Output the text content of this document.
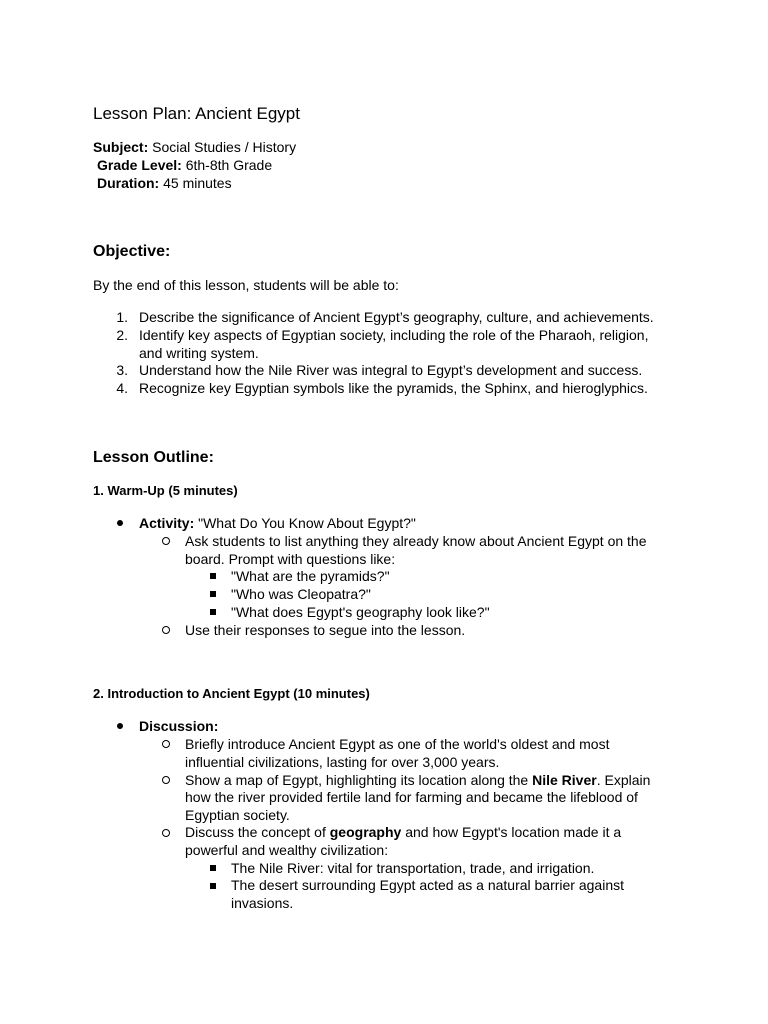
Lesson Plan: Ancient Egypt
Subject: Social Studies / History
Grade Level: 6th-8th Grade
Duration: 45 minutes
Objective:
By the end of this lesson, students will be able to:
1. Describe the significance of Ancient Egypt’s geography, culture, and achievements.
2. Identify key aspects of Egyptian society, including the role of the Pharaoh, religion,
and writing system.
3. Understand how the Nile River was integral to Egypt’s development and success.
4. Recognize key Egyptian symbols like the pyramids, the Sphinx, and hieroglyphics.
Lesson Outline:
1. Warm-Up (5 minutes)
Activity: "What Do You Know About Egypt?"
Ask students to list anything they already know about Ancient Egypt on the
board. Prompt with questions like:
"What are the pyramids?"
"Who was Cleopatra?"
"What does Egypt's geography look like?"
Use their responses to segue into the lesson.
2. Introduction to Ancient Egypt (10 minutes)
Discussion:
Briefly introduce Ancient Egypt as one of the world's oldest and most
influential civilizations, lasting for over 3,000 years.
Show a map of Egypt, highlighting its location along the Nile River. Explain
how the river provided fertile land for farming and became the lifeblood of
Egyptian society.
Discuss the concept of geography and how Egypt's location made it a
powerful and wealthy civilization:
The Nile River: vital for transportation, trade, and irrigation.
The desert surrounding Egypt acted as a natural barrier against
invasions.
